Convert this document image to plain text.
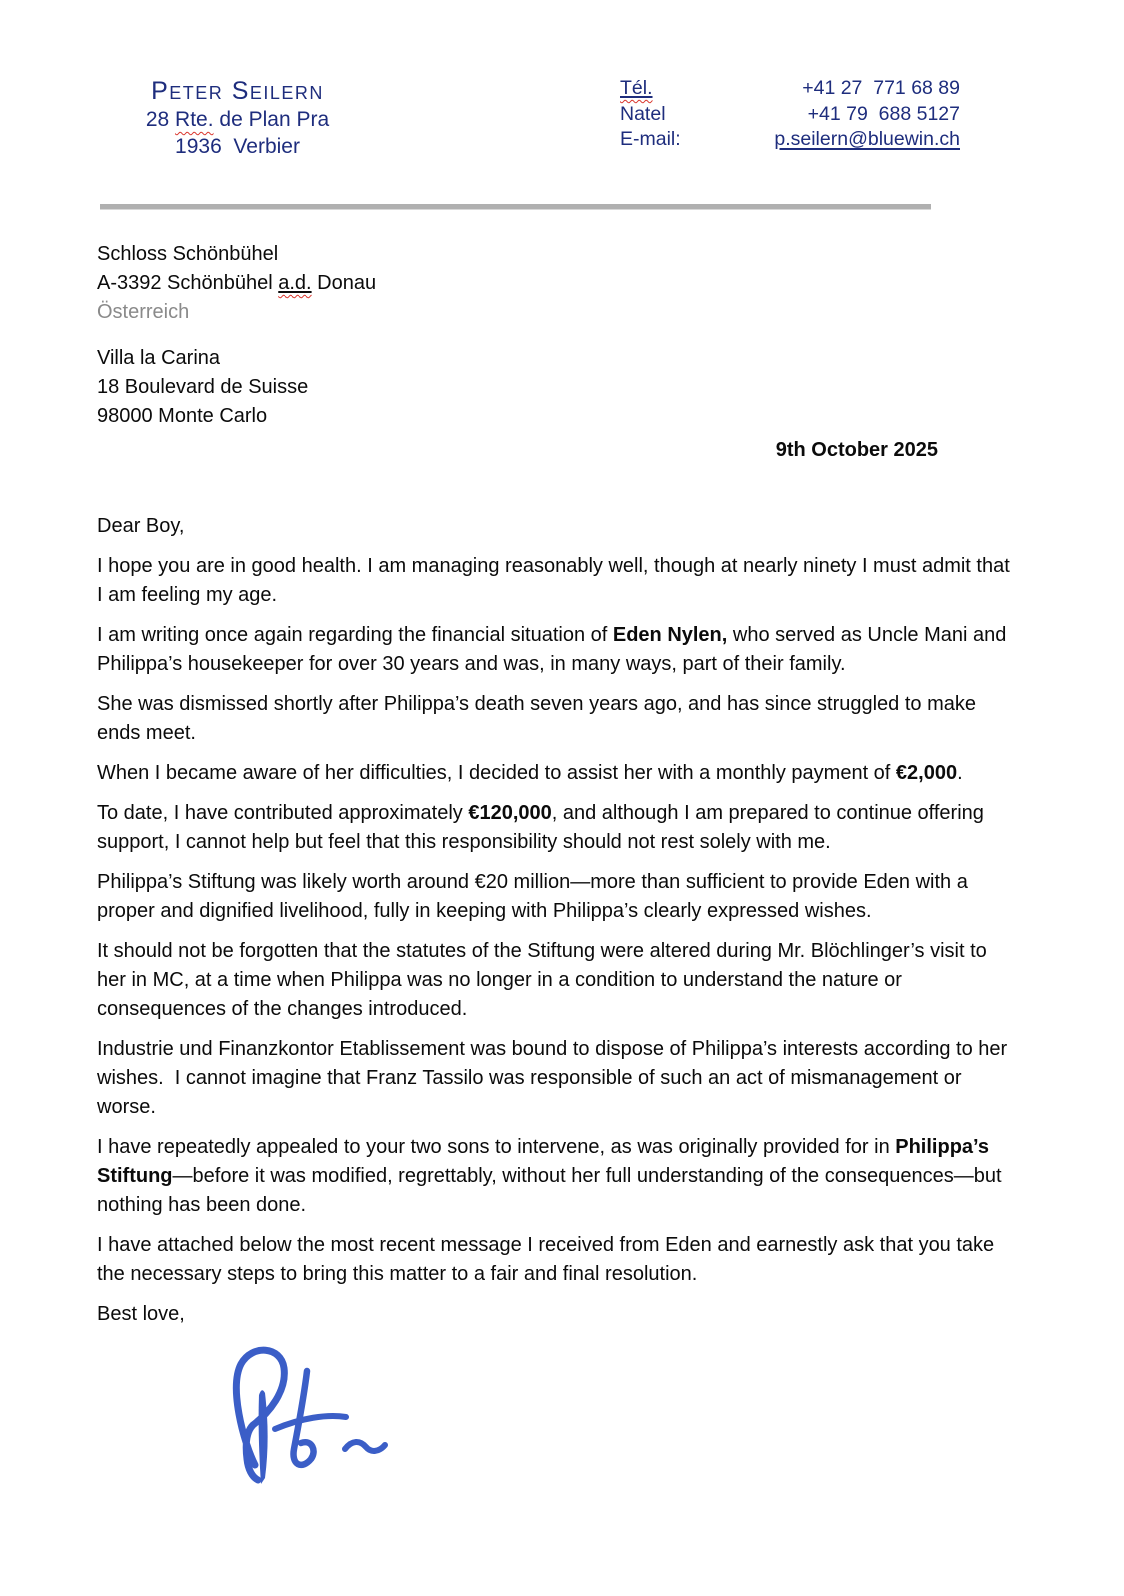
Peter Seilern
28 Rte. de Plan Pra
1936  Verbier
Tél.	+41 27  771 68 89
Natel	+41 79  688 5127
E-mail:	p.seilern@bluewin.ch
Schloss Schönbühel
A-3392 Schönbühel a.d. Donau
Österreich
Villa la Carina
18 Boulevard de Suisse
98000 Monte Carlo
9th October 2025

Dear Boy,

I hope you are in good health. I am managing reasonably well, though at nearly ninety I must admit that I am feeling my age.

I am writing once again regarding the financial situation of Eden Nylen, who served as Uncle Mani and Philippa’s housekeeper for over 30 years and was, in many ways, part of their family.

She was dismissed shortly after Philippa’s death seven years ago, and has since struggled to make ends meet.

When I became aware of her difficulties, I decided to assist her with a monthly payment of €2,000.

To date, I have contributed approximately €120,000, and although I am prepared to continue offering support, I cannot help but feel that this responsibility should not rest solely with me.

Philippa’s Stiftung was likely worth around €20 million—more than sufficient to provide Eden with a proper and dignified livelihood, fully in keeping with Philippa’s clearly expressed wishes.

It should not be forgotten that the statutes of the Stiftung were altered during Mr. Blöchlinger’s visit to her in MC, at a time when Philippa was no longer in a condition to understand the nature or consequences of the changes introduced.

Industrie und Finanzkontor Etablissement was bound to dispose of Philippa’s interests according to her wishes.  I cannot imagine that Franz Tassilo was responsible of such an act of mismanagement or worse.

I have repeatedly appealed to your two sons to intervene, as was originally provided for in Philippa’s Stiftung—before it was modified, regrettably, without her full understanding of the consequences—but nothing has been done.

I have attached below the most recent message I received from Eden and earnestly ask that you take the necessary steps to bring this matter to a fair and final resolution.

Best love,
